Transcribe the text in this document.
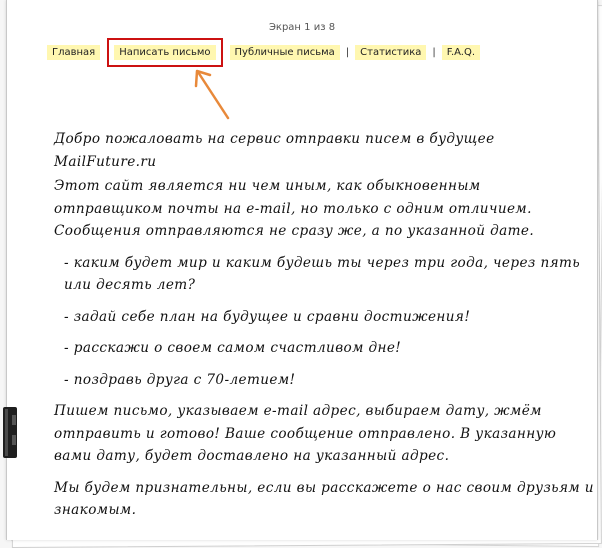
Экран 1 из 8
Главная	Написать письмо	Публичные письма	|	Статистика	|	F.A.Q.

Добро пожаловать на сервис отправки писем в будущее MailFuture.ru

Этот сайт является ни чем иным, как обыкновенным отправщиком почты на e-mail, но только с одним отличием. Сообщения отправляются не сразу же, а по указанной дате.

- каким будет мир и каким будешь ты через три года, через пять или десять лет?

- задай себе план на будущее и сравни достижения!

- расскажи о своем самом счастливом дне!

- поздравь друга с 70-летием!

Пишем письмо, указываем e-mail адрес, выбираем дату, жмём отправить и готово! Ваше сообщение отправлено. В указанную вами дату, будет доставлено на указанный адрес.

Мы будем признательны, если вы расскажете о нас своим друзьям и знакомым.
